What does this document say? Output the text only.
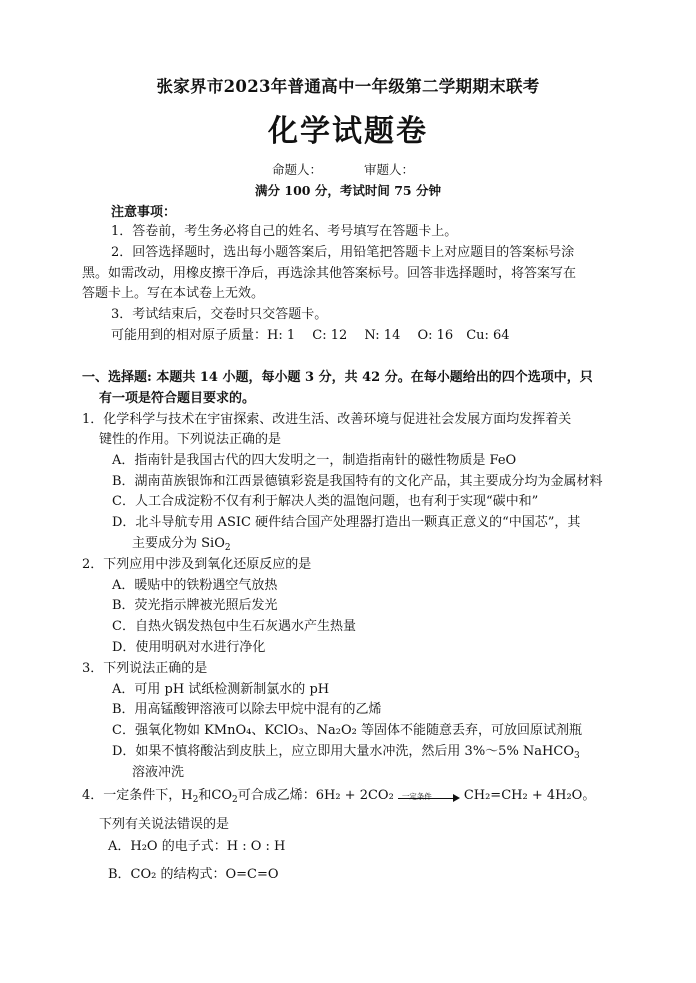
张家界市2023年普通高中一年级第二学期期末联考
化学试题卷
命题人：	审题人：
满分 100 分，考试时间 75 分钟
注意事项：
1．答卷前，考生务必将自己的姓名、考号填写在答题卡上。
2．回答选择题时，选出每小题答案后，用铅笔把答题卡上对应题目的答案标号涂
黑。如需改动，用橡皮擦干净后，再选涂其他答案标号。回答非选择题时，将答案写在
答题卡上。写在本试卷上无效。
3．考试结束后，交卷时只交答题卡。
可能用到的相对原子质量：H: 1　 C: 12　 N: 14　 O: 16　Cu: 64
一、选择题: 本题共 14 小题，每小题 3 分，共 42 分。在每小题给出的四个选项中，只
有一项是符合题目要求的。
1．化学科学与技术在宇宙探索、改进生活、改善环境与促进社会发展方面均发挥着关
键性的作用。下列说法正确的是
A．指南针是我国古代的四大发明之一，制造指南针的磁性物质是 FeO
B．湖南苗族银饰和江西景德镇彩瓷是我国特有的文化产品，其主要成分均为金属材料
C．人工合成淀粉不仅有利于解决人类的温饱问题，也有利于实现“碳中和”
D．北斗导航专用 ASIC 硬件结合国产处理器打造出一颗真正意义的“中国芯”，其
主要成分为 SiO$_2$
2．下列应用中涉及到氧化还原反应的是
A．暖贴中的铁粉遇空气放热
B．荧光指示牌被光照后发光
C．自热火锅发热包中生石灰遇水产生热量
D．使用明矾对水进行净化
3．下列说法正确的是
A．可用 pH 试纸检测新制氯水的 pH
B．用高锰酸钾溶液可以除去甲烷中混有的乙烯
C．强氧化物如 KMnO₄、KClO₃、Na₂O₂ 等固体不能随意丢弃，可放回原试剂瓶
D．如果不慎将酸沾到皮肤上，应立即用大量水冲洗，然后用 3%～5% NaHCO$_3$
溶液冲洗
4．一定条件下，$H_2$和$CO_2$可合成乙烯：6H₂ + 2CO₂ 一定条件 CH₂=CH₂ + 4H₂O。
下列有关说法错误的是
A．H₂O 的电子式：H : O : H
B．CO₂ 的结构式：O=C=O
